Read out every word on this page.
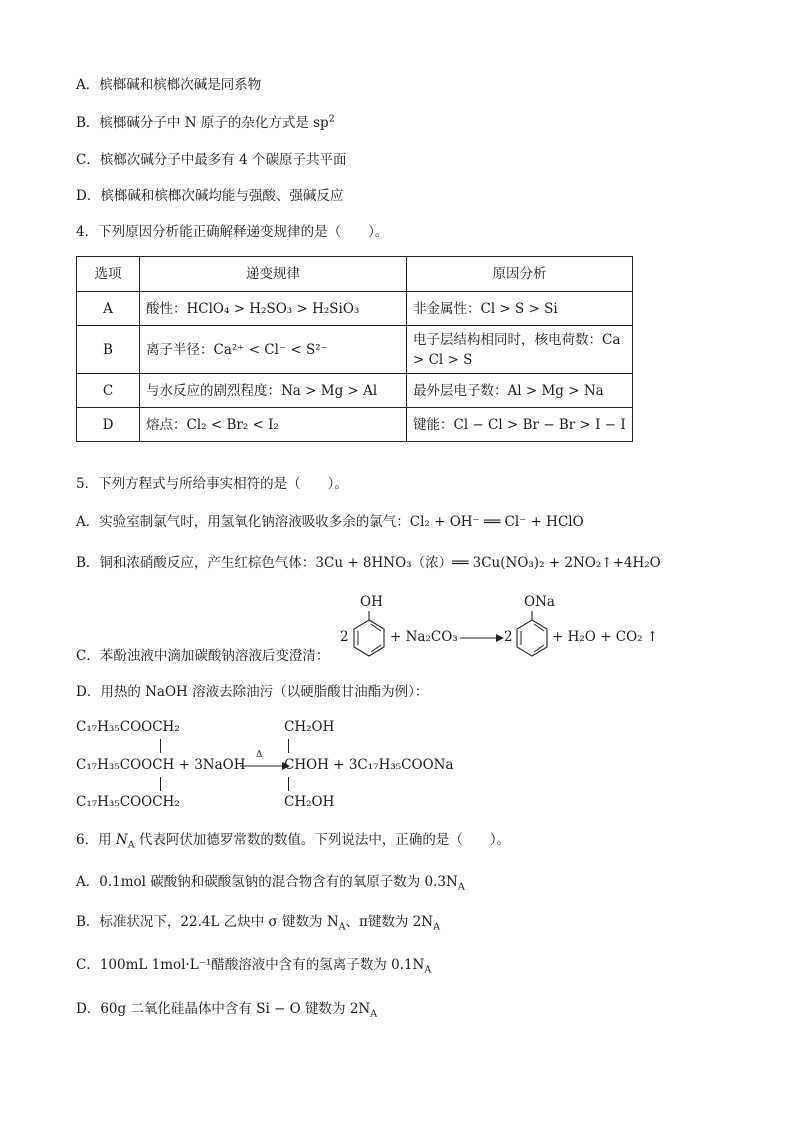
A．槟榔碱和槟榔次碱是同系物
B．槟榔碱分子中 N 原子的杂化方式是 $sp^2$
C．槟榔次碱分子中最多有 4 个碳原子共平面
D．槟榔碱和槟榔次碱均能与强酸、强碱反应
4．下列原因分析能正确解释递变规律的是（　　）。
选项	递变规律	原因分析
A	酸性：HClO₄ > H₂SO₃ > H₂SiO₃	非金属性：Cl > S > Si
B	离子半径：Ca²⁺ < Cl⁻ < S²⁻	电子层结构相同时，核电荷数：Ca > Cl > S
C	与水反应的剧烈程度：Na > Mg > Al	最外层电子数：Al > Mg > Na
D	熔点：Cl₂ < Br₂ < I₂	键能：Cl − Cl > Br − Br > I − I
5．下列方程式与所给事实相符的是（　　）。
A．实验室制氯气时，用氢氧化钠溶液吸收多余的氯气：Cl₂ + OH⁻ ══ Cl⁻ + HClO
B．铜和浓硝酸反应，产生红棕色气体：3Cu + 8HNO₃（浓）══ 3Cu(NO₃)₂ + 2NO₂↑+4H₂O
C．苯酚浊液中滴加碳酸钠溶液后变澄清：
2
OH
+ Na₂CO₃	2
ONa
+ H₂O + CO₂ ↑
D．用热的 NaOH 溶液去除油污（以硬脂酸甘油酯为例）：
C₁₇H₃₅COOCH₂
C₁₇H₃₅COOCH + 3NaOH
C₁₇H₃₅COOCH₂
Δ
CH₂OH
CHOH + 3C₁₇H₃₅COONa
CH₂OH
6．用 $N_A$ 代表阿伏加德罗常数的数值。下列说法中，正确的是（　　）。
A．0.1mol 碳酸钠和碳酸氢钠的混合物含有的氧原子数为 $0.3N_A$
B．标准状况下，22.4L 乙炔中 σ 键数为 $N_A$、π键数为 $2N_A$
C．100mL 1mol·L⁻¹醋酸溶液中含有的氢离子数为 $0.1N_A$
D．60g 二氧化硅晶体中含有 Si − O 键数为 $2N_A$
